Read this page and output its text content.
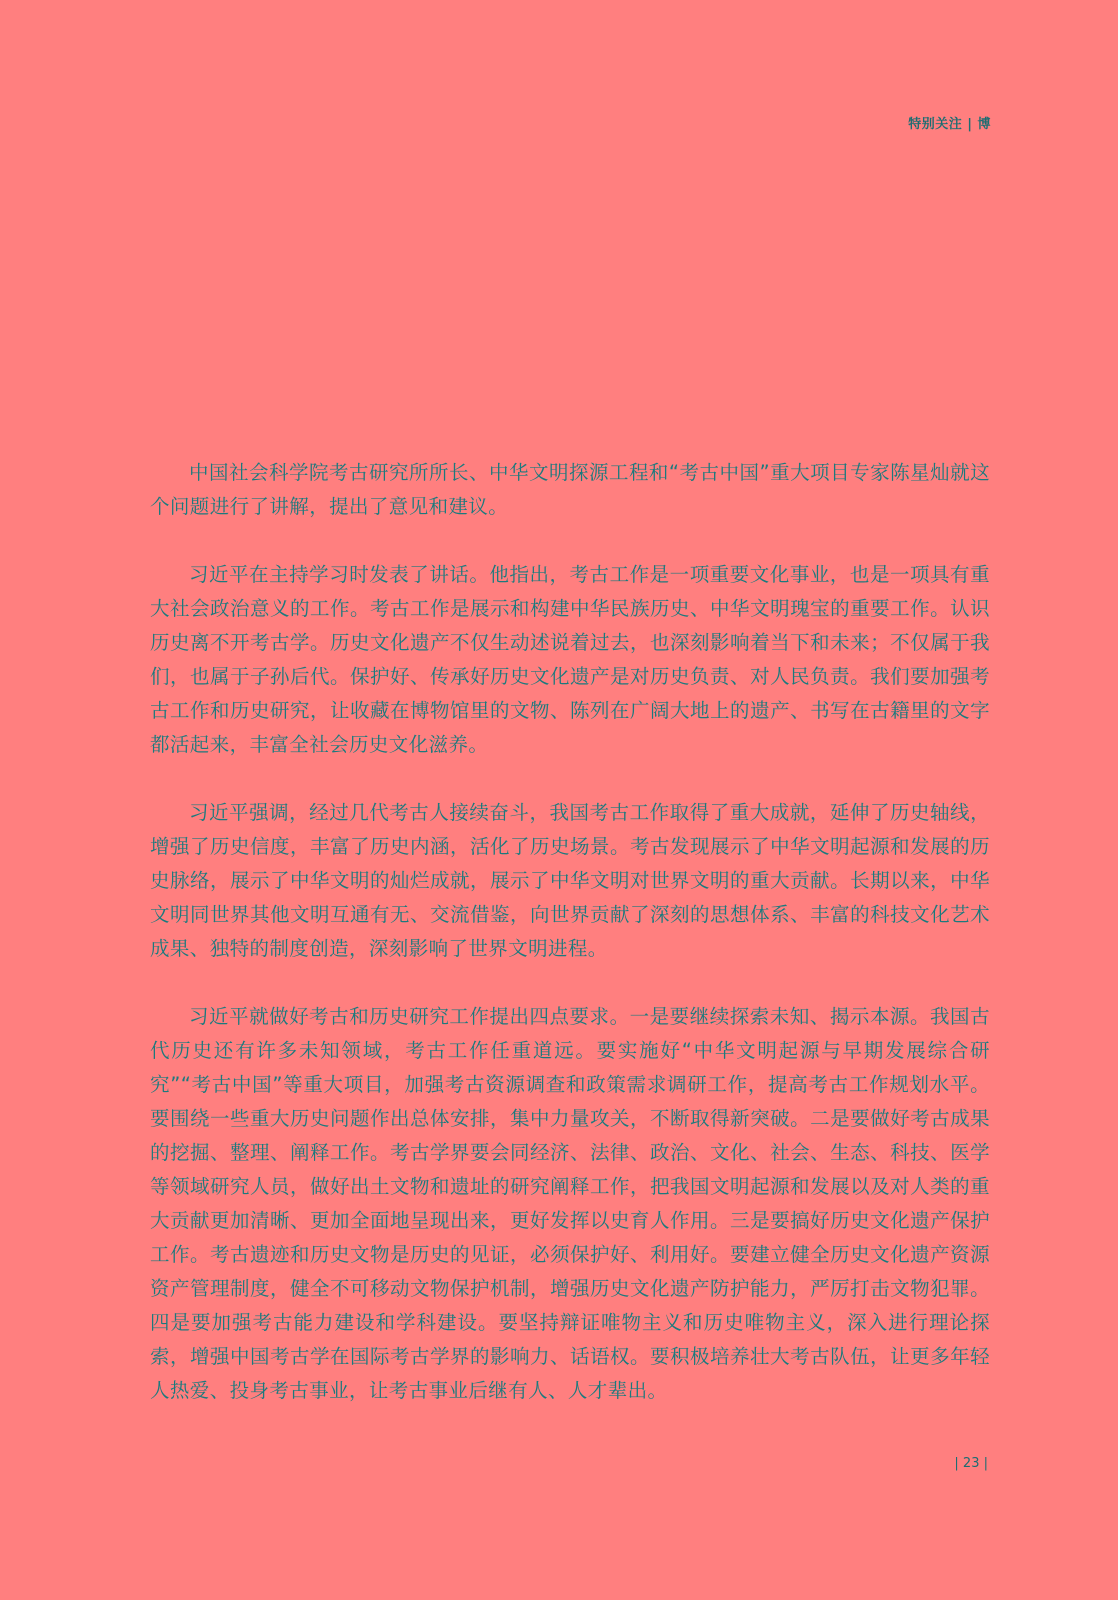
特别关注 | 博

中国社会科学院考古研究所所长、中华文明探源工程和“考古中国”重大项目专家陈星灿就这个问题进行了讲解，提出了意见和建议。

习近平在主持学习时发表了讲话。他指出，考古工作是一项重要文化事业，也是一项具有重大社会政治意义的工作。考古工作是展示和构建中华民族历史、中华文明瑰宝的重要工作。认识历史离不开考古学。历史文化遗产不仅生动述说着过去，也深刻影响着当下和未来；不仅属于我们，也属于子孙后代。保护好、传承好历史文化遗产是对历史负责、对人民负责。我们要加强考古工作和历史研究，让收藏在博物馆里的文物、陈列在广阔大地上的遗产、书写在古籍里的文字都活起来，丰富全社会历史文化滋养。

习近平强调，经过几代考古人接续奋斗，我国考古工作取得了重大成就，延伸了历史轴线，增强了历史信度，丰富了历史内涵，活化了历史场景。考古发现展示了中华文明起源和发展的历史脉络，展示了中华文明的灿烂成就，展示了中华文明对世界文明的重大贡献。长期以来，中华文明同世界其他文明互通有无、交流借鉴，向世界贡献了深刻的思想体系、丰富的科技文化艺术成果、独特的制度创造，深刻影响了世界文明进程。

习近平就做好考古和历史研究工作提出四点要求。一是要继续探索未知、揭示本源。我国古代历史还有许多未知领域，考古工作任重道远。要实施好“中华文明起源与早期发展综合研究”“考古中国”等重大项目，加强考古资源调查和政策需求调研工作，提高考古工作规划水平。要围绕一些重大历史问题作出总体安排，集中力量攻关，不断取得新突破。二是要做好考古成果的挖掘、整理、阐释工作。考古学界要会同经济、法律、政治、文化、社会、生态、科技、医学等领域研究人员，做好出土文物和遗址的研究阐释工作，把我国文明起源和发展以及对人类的重大贡献更加清晰、更加全面地呈现出来，更好发挥以史育人作用。三是要搞好历史文化遗产保护工作。考古遗迹和历史文物是历史的见证，必须保护好、利用好。要建立健全历史文化遗产资源资产管理制度，健全不可移动文物保护机制，增强历史文化遗产防护能力，严厉打击文物犯罪。四是要加强考古能力建设和学科建设。要坚持辩证唯物主义和历史唯物主义，深入进行理论探索，增强中国考古学在国际考古学界的影响力、话语权。要积极培养壮大考古队伍，让更多年轻人热爱、投身考古事业，让考古事业后继有人、人才辈出。

| 23 |
